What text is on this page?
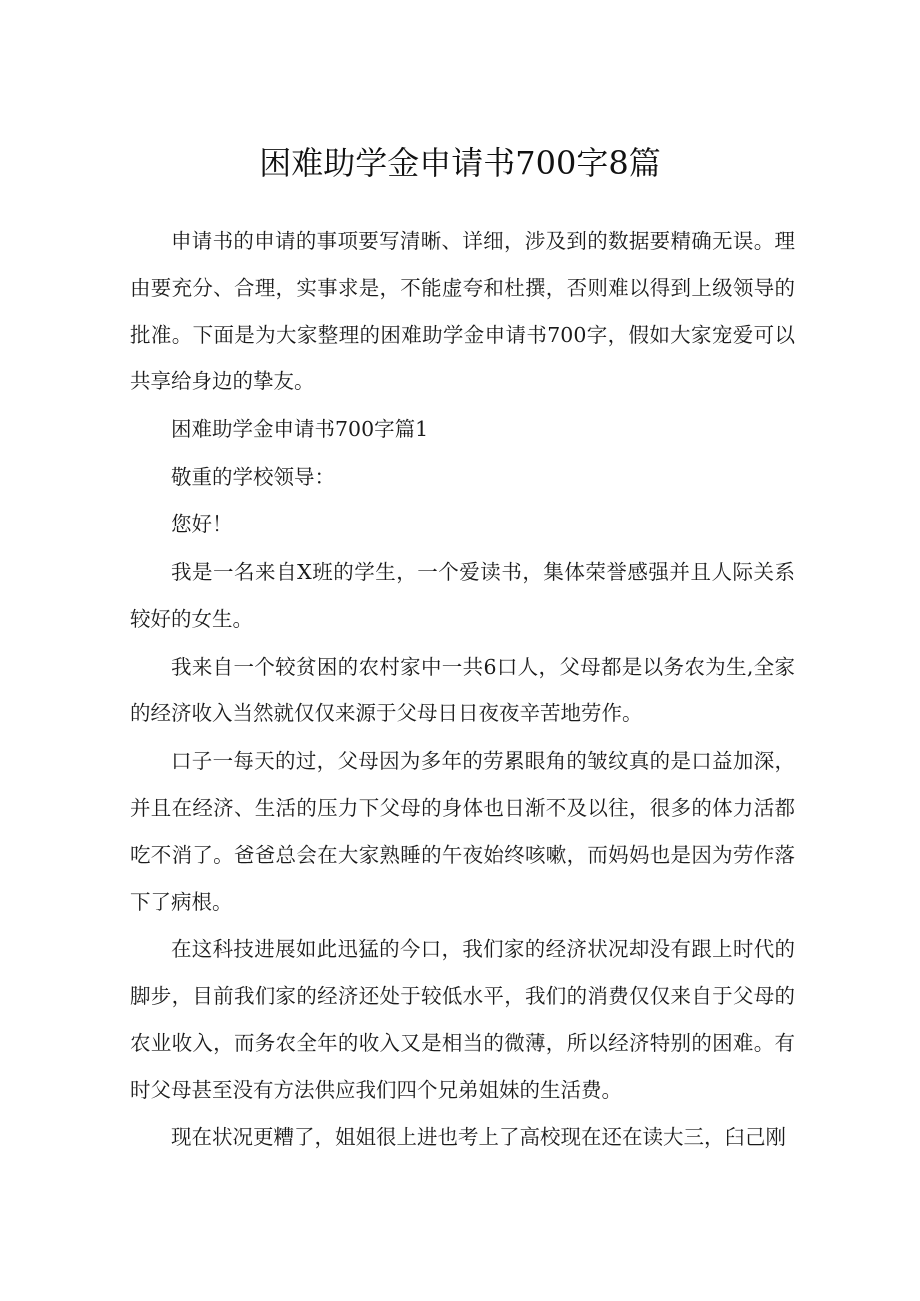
困难助学金申请书700字8篇

申请书的申请的事项要写清晰、详细，涉及到的数据要精确无误。理由要充分、合理，实事求是，不能虚夸和杜撰，否则难以得到上级领导的批准。下面是为大家整理的困难助学金申请书700字，假如大家宠爱可以共享给身边的挚友。

困难助学金申请书700字篇1

敬重的学校领导：

您好！

我是一名来自X班的学生，一个爱读书，集体荣誉感强并且人际关系较好的女生。

我来自一个较贫困的农村家中一共6口人，父母都是以务农为生,全家的经济收入当然就仅仅来源于父母日日夜夜辛苦地劳作。

口子一每天的过，父母因为多年的劳累眼角的皱纹真的是口益加深，并且在经济、生活的压力下父母的身体也日渐不及以往，很多的体力活都吃不消了。爸爸总会在大家熟睡的午夜始终咳嗽，而妈妈也是因为劳作落下了病根。

在这科技进展如此迅猛的今口，我们家的经济状况却没有跟上时代的脚步，目前我们家的经济还处于较低水平，我们的消费仅仅来自于父母的农业收入，而务农全年的收入又是相当的微薄，所以经济特别的困难。有时父母甚至没有方法供应我们四个兄弟姐妹的生活费。

现在状况更糟了，姐姐很上进也考上了高校现在还在读大三，臼己刚
